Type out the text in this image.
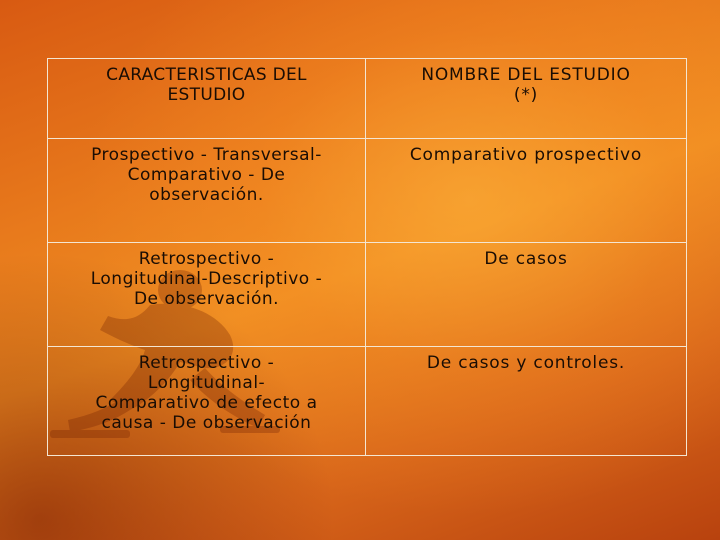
CARACTERISTICAS DEL
ESTUDIO	NOMBRE DEL ESTUDIO
(*)

Prospectivo - Transversal-
Comparativo - De
observación.	Comparativo prospectivo

Retrospectivo -
Longitudinal-Descriptivo -
De observación.	De casos

Retrospectivo -
Longitudinal-
Comparativo de efecto a
causa - De observación	De casos y controles.
